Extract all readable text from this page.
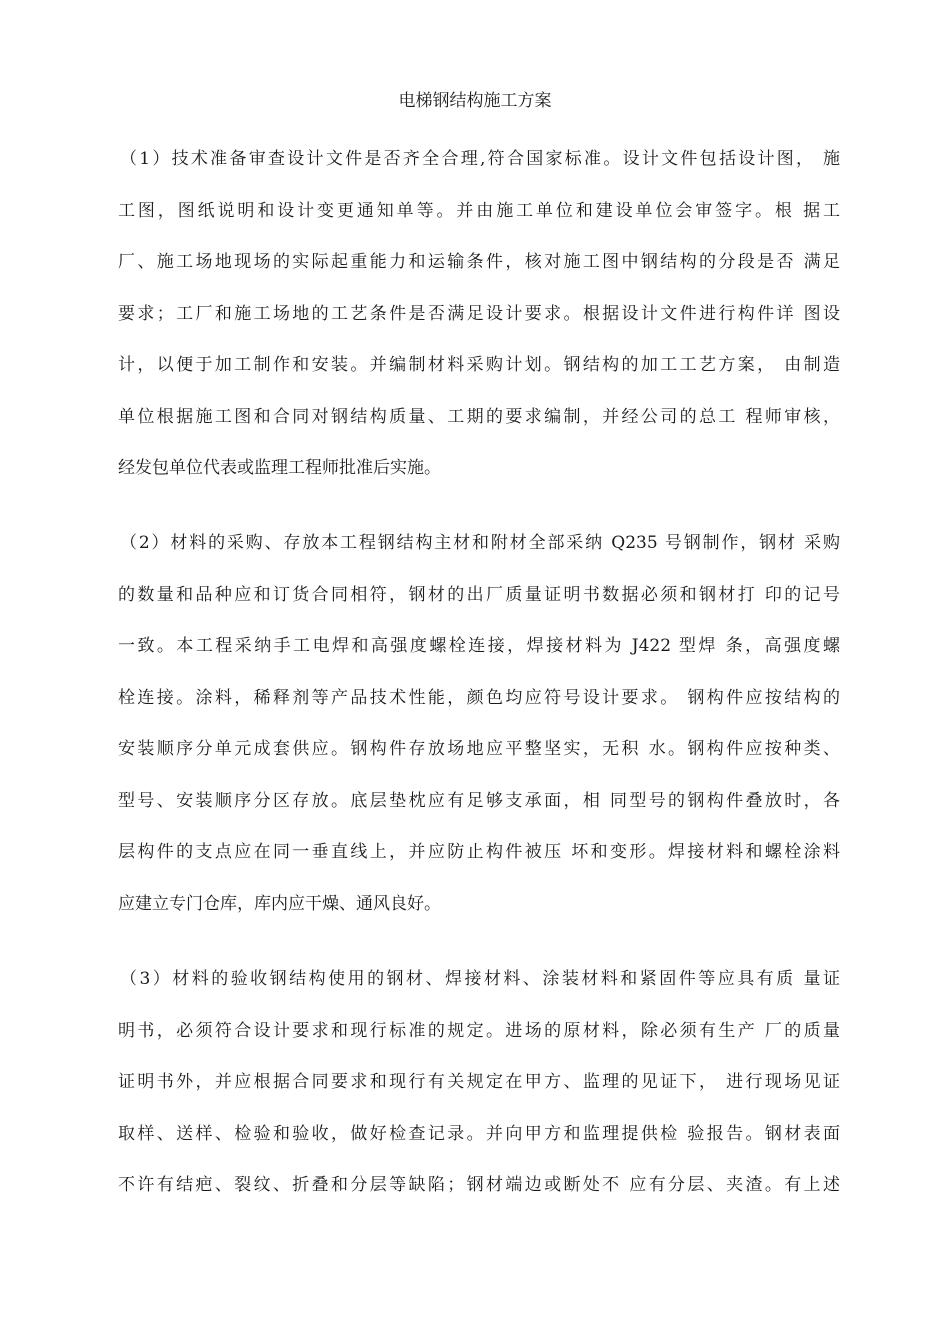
电梯钢结构施工方案
（1）技术准备审查设计文件是否齐全合理,符合国家标准。设计文件包括设计图， 施
工图，图纸说明和设计变更通知单等。并由施工单位和建设单位会审签字。根 据工
厂、施工场地现场的实际起重能力和运输条件，核对施工图中钢结构的分段是否 满足
要求；工厂和施工场地的工艺条件是否满足设计要求。根据设计文件进行构件详 图设
计，以便于加工制作和安装。并编制材料采购计划。钢结构的加工工艺方案， 由制造
单位根据施工图和合同对钢结构质量、工期的要求编制，并经公司的总工 程师审核，
经发包单位代表或监理工程师批准后实施。
（2）材料的采购、存放本工程钢结构主材和附材全部采纳 Q235 号钢制作，钢材 采购
的数量和品种应和订货合同相符，钢材的出厂质量证明书数据必须和钢材打 印的记号
一致。本工程采纳手工电焊和高强度螺栓连接，焊接材料为 J422 型焊 条，高强度螺
栓连接。涂料，稀释剂等产品技术性能，颜色均应符号设计要求。 钢构件应按结构的
安装顺序分单元成套供应。钢构件存放场地应平整坚实，无积 水。钢构件应按种类、
型号、安装顺序分区存放。底层垫枕应有足够支承面，相 同型号的钢构件叠放时，各
层构件的支点应在同一垂直线上，并应防止构件被压 坏和变形。焊接材料和螺栓涂料
应建立专门仓库，库内应干燥、通风良好。
（3）材料的验收钢结构使用的钢材、焊接材料、涂装材料和紧固件等应具有质 量证
明书，必须符合设计要求和现行标准的规定。进场的原材料，除必须有生产 厂的质量
证明书外，并应根据合同要求和现行有关规定在甲方、监理的见证下， 进行现场见证
取样、送样、检验和验收，做好检查记录。并向甲方和监理提供检 验报告。钢材表面
不许有结疤、裂纹、折叠和分层等缺陷；钢材端边或断处不 应有分层、夹渣。有上述
